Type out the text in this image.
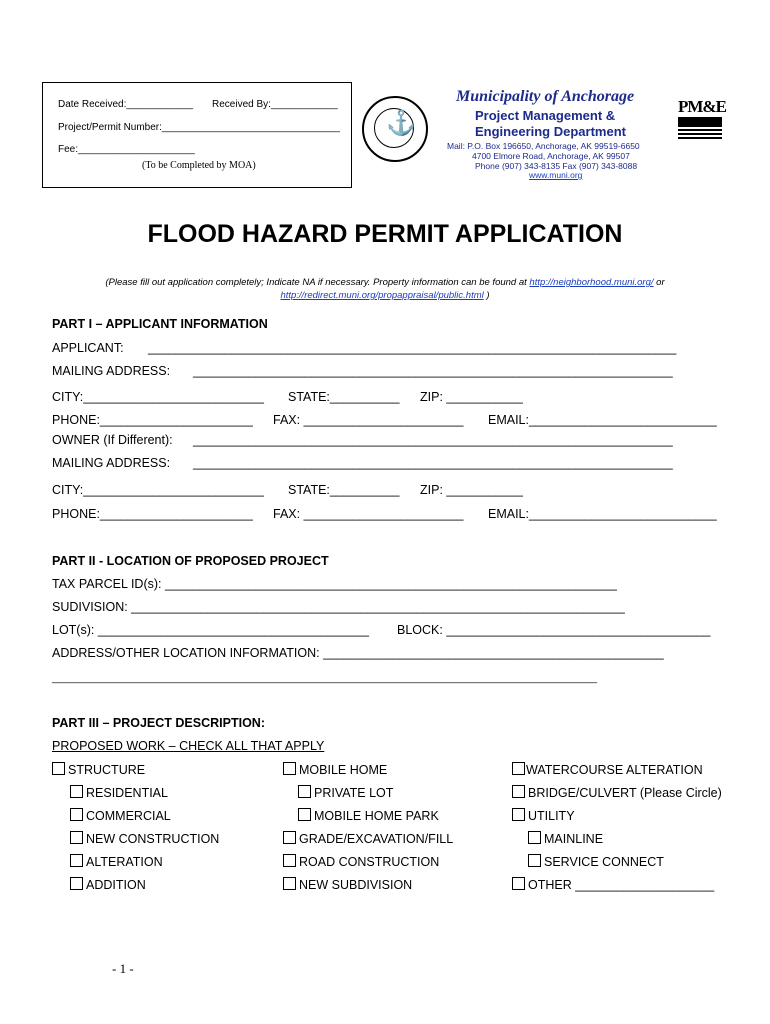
Date Received:____________ Received By:____________
Project/Permit Number:________________________________
Fee:_____________________
(To be Completed by MOA)
⚓
Municipality of Anchorage
Project Management &
Engineering Department
Mail: P.O. Box 196650, Anchorage, AK 99519-6650
4700 Elmore Road, Anchorage, AK 99507
Phone (907) 343-8135 Fax (907) 343-8088
www.muni.org
PM&E
FLOOD HAZARD PERMIT APPLICATION
(Please fill out application completely; Indicate NA if necessary. Property information can be found at http://neighborhood.muni.org/ or
http://redirect.muni.org/propappraisal/public.html )
PART I – APPLICANT INFORMATION
APPLICANT: ____________________________________________________________________________
MAILING ADDRESS: _____________________________________________________________________
CITY:__________________________ STATE:__________ ZIP: ___________
PHONE:______________________ FAX: _______________________ EMAIL:___________________________
OWNER (If Different): _____________________________________________________________________
MAILING ADDRESS: _____________________________________________________________________
CITY:__________________________ STATE:__________ ZIP: ___________
PHONE:______________________ FAX: _______________________ EMAIL:___________________________
PART II - LOCATION OF PROPOSED PROJECT
TAX PARCEL ID(s): _________________________________________________________________
SUDIVISION: _______________________________________________________________________
LOT(s): _______________________________________ BLOCK: ______________________________________
ADDRESS/OTHER LOCATION INFORMATION: _________________________________________________
__________________________________________________________________________________________________
PART III – PROJECT DESCRIPTION:
PROPOSED WORK – CHECK ALL THAT APPLY
STRUCTURE
RESIDENTIAL
COMMERCIAL
NEW CONSTRUCTION
ALTERATION
ADDITION
MOBILE HOME
PRIVATE LOT
MOBILE HOME PARK
GRADE/EXCAVATION/FILL
ROAD CONSTRUCTION
NEW SUBDIVISION
WATERCOURSE ALTERATION
BRIDGE/CULVERT (Please Circle)
UTILITY
MAINLINE
SERVICE CONNECT
OTHER ____________________
- 1 -
